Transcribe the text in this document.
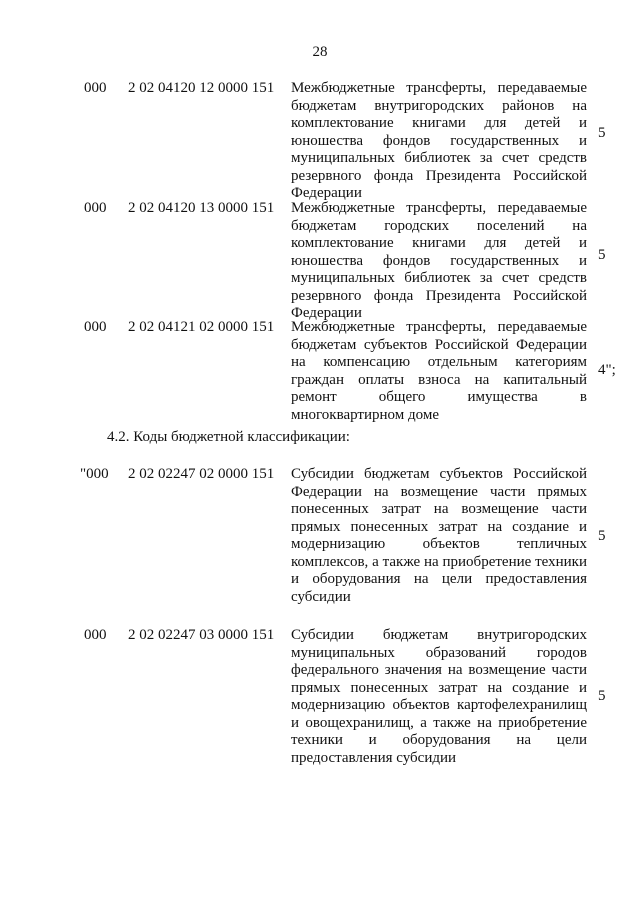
28
000 2 02 04120 12 0000 151 Межбюджетные трансферты, передаваемые бюджетам внутригородских районов на комплектование книгами для детей и юношества фондов государственных и муниципальных библиотек за счет средств резервного фонда Президента Российской Федерации
5
000 2 02 04120 13 0000 151 Межбюджетные трансферты, передаваемые бюджетам городских поселений на комплектование книгами для детей и юношества фондов государственных и муниципальных библиотек за счет средств резервного фонда Президента Российской Федерации
5
000 2 02 04121 02 0000 151 Межбюджетные трансферты, передаваемые бюджетам субъектов Российской Федерации на компенсацию отдельным категориям граждан оплаты взноса на капитальный ремонт общего имущества в многоквартирном доме
4";
4.2. Коды бюджетной классификации:
"000 2 02 02247 02 0000 151 Субсидии бюджетам субъектов Российской Федерации на возмещение части прямых понесенных затрат на возмещение части прямых понесенных затрат на создание и модернизацию объектов тепличных комплексов, а также на приобретение техники и оборудования на цели предоставления субсидии
5
000 2 02 02247 03 0000 151 Субсидии бюджетам внутригородских муниципальных образований городов федерального значения на возмещение части прямых понесенных затрат на создание и модернизацию объектов картофелехранилищ и овощехранилищ, а также на приобретение техники и оборудования на цели предоставления субсидии
5
